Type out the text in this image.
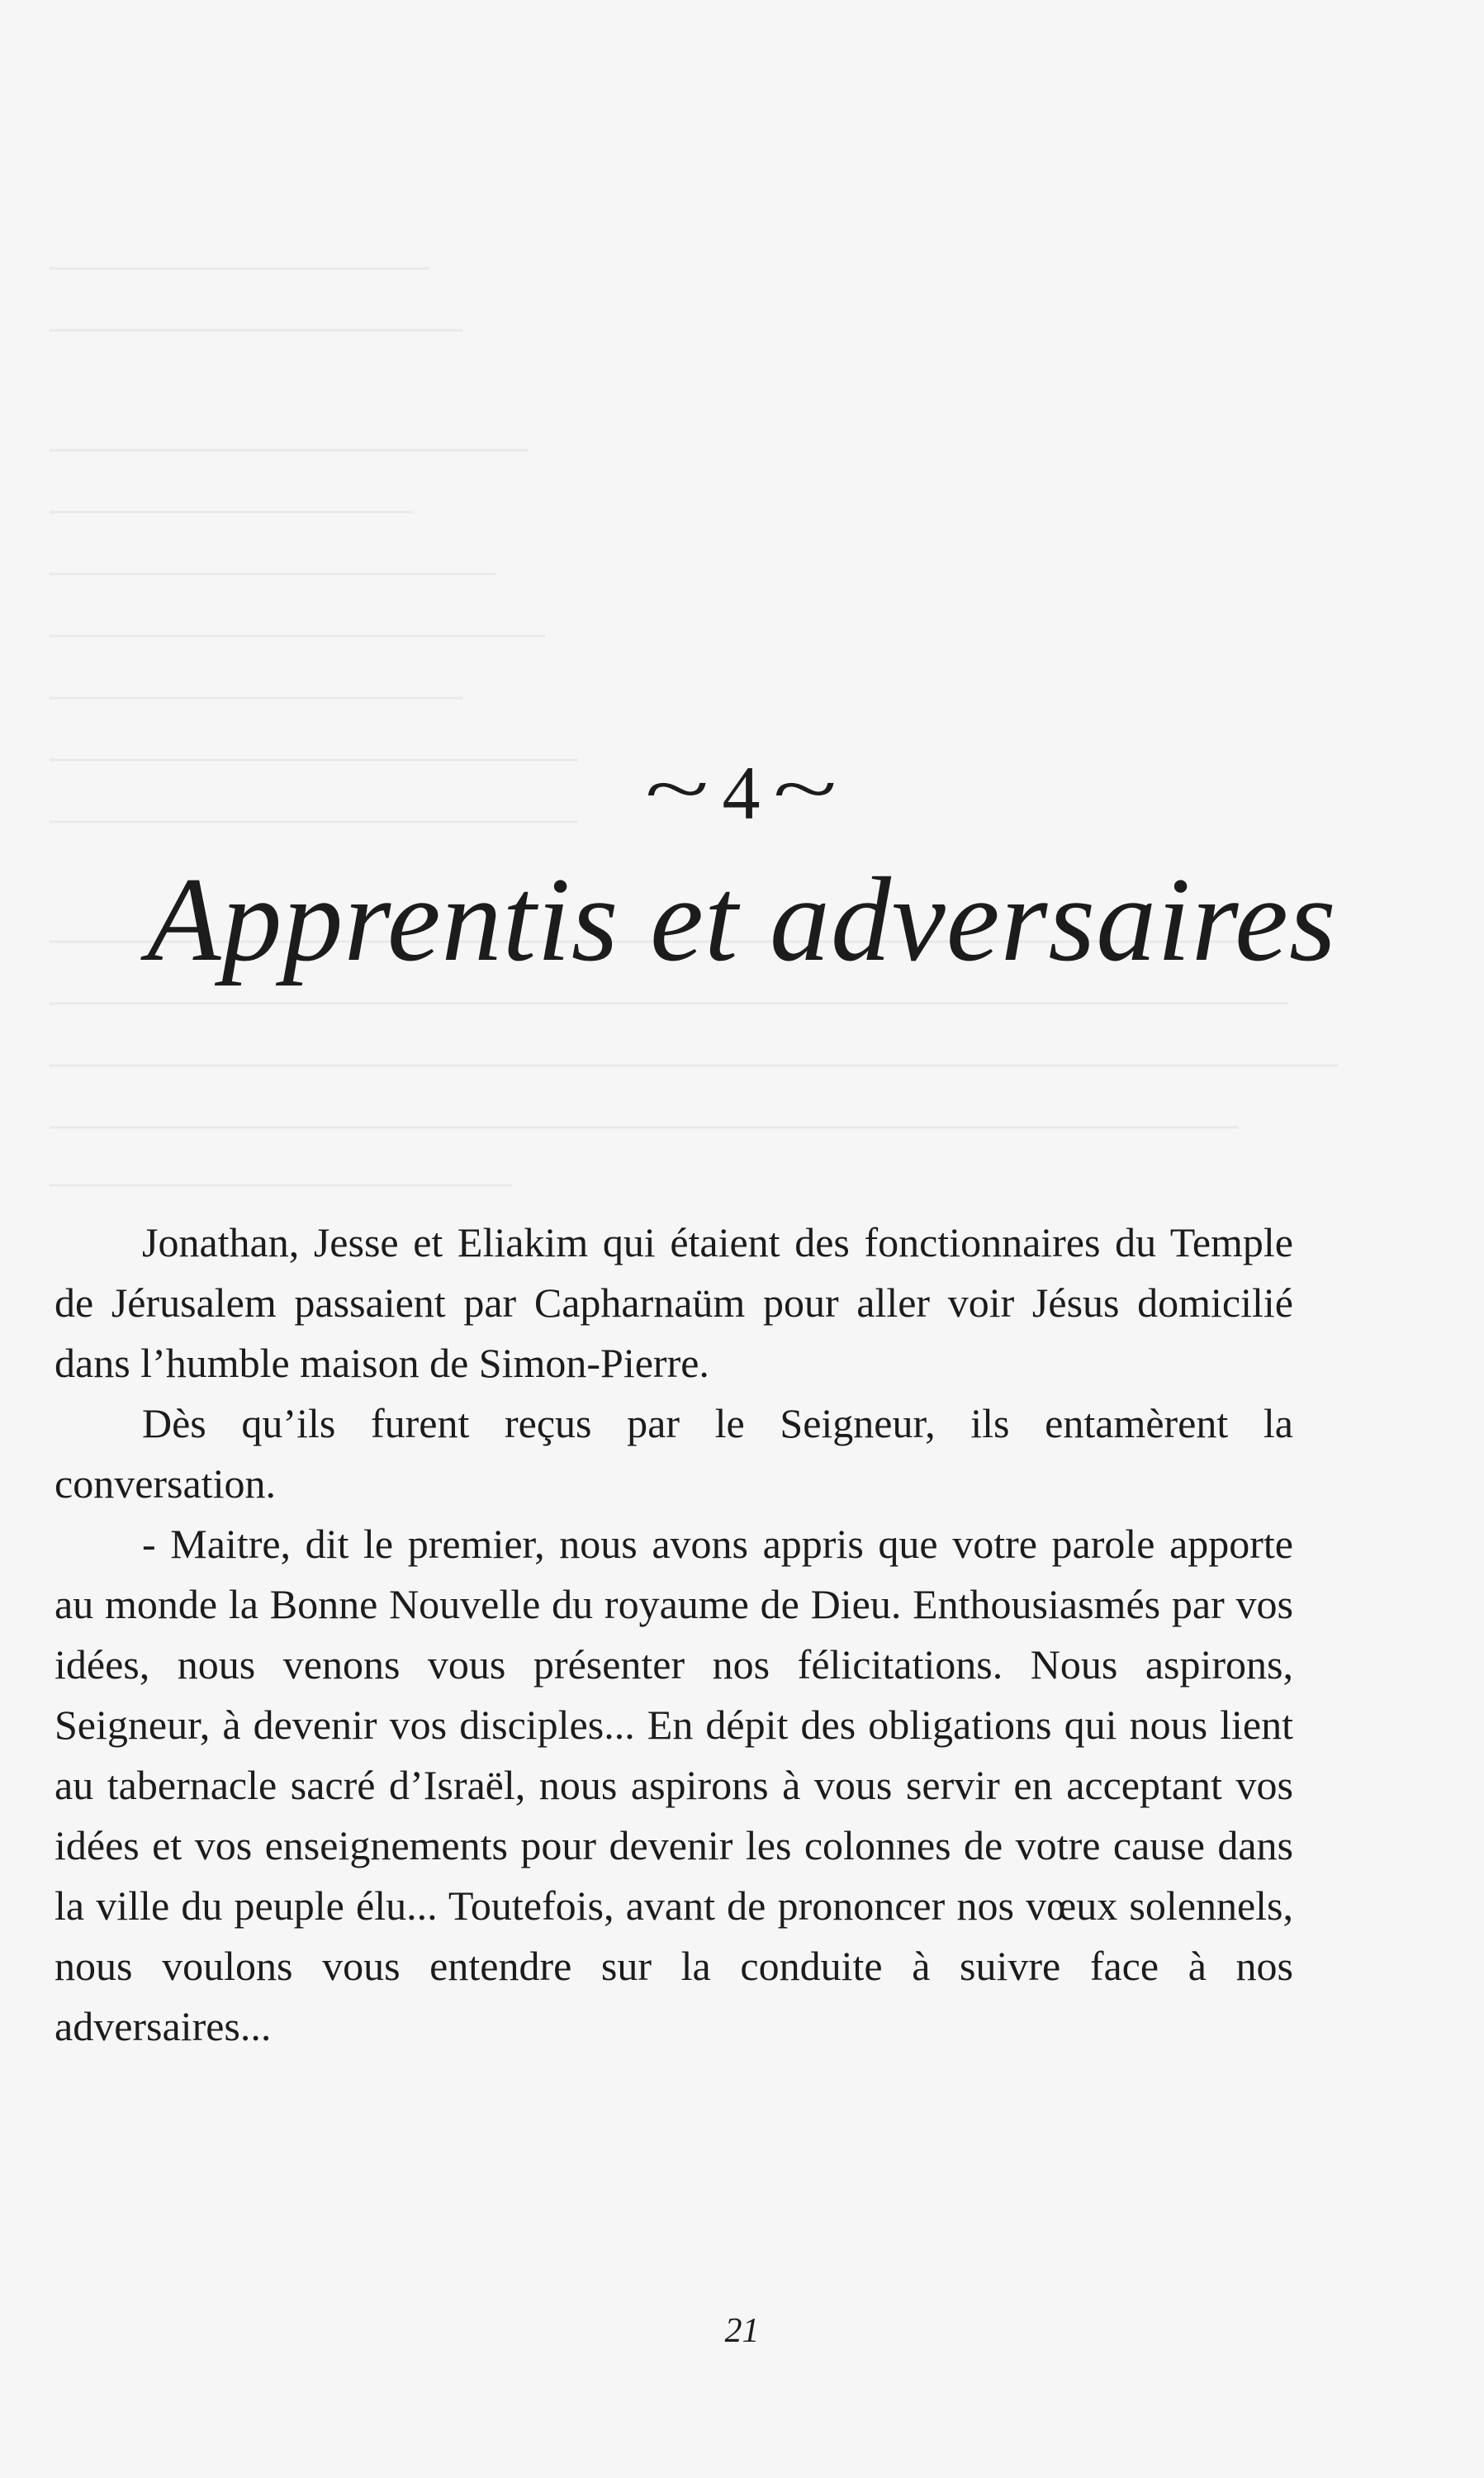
~ 4 ~
Apprentis et adversaires

Jonathan, Jesse et Eliakim qui étaient des fonctionnaires du Temple de Jérusalem passaient par Capharnaüm pour aller voir Jésus domicilié dans l’humble maison de Simon-Pierre.

Dès qu’ils furent reçus par le Seigneur, ils entamèrent la conversation.

- Maitre, dit le premier, nous avons appris que votre parole apporte au monde la Bonne Nouvelle du royaume de Dieu. Enthousiasmés par vos idées, nous venons vous présenter nos félicitations. Nous aspirons, Seigneur, à devenir vos disciples... En dépit des obligations qui nous lient au tabernacle sacré d’Israël, nous aspirons à vous servir en acceptant vos idées et vos enseignements pour devenir les colonnes de votre cause dans la ville du peuple élu... Toutefois, avant de prononcer nos vœux solennels, nous voulons vous entendre sur la conduite à suivre face à nos adversaires...

21
